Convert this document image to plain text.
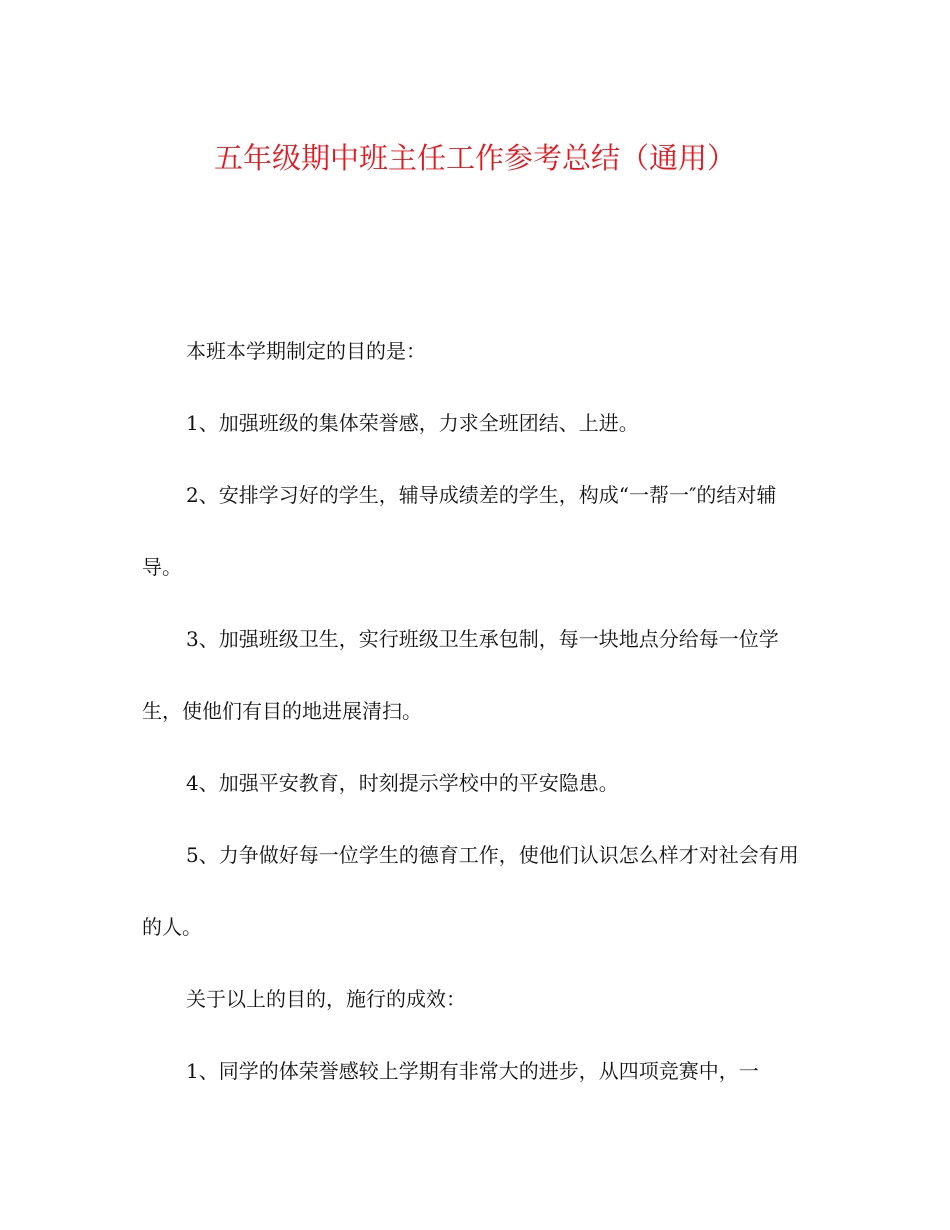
五年级期中班主任工作参考总结（通用）

本班本学期制定的目的是：

1、加强班级的集体荣誉感，力求全班团结、上进。

2、安排学习好的学生，辅导成绩差的学生，构成“一帮一″的结对辅导。

3、加强班级卫生，实行班级卫生承包制，每一块地点分给每一位学生，使他们有目的地进展清扫。

4、加强平安教育，时刻提示学校中的平安隐患。

5、力争做好每一位学生的德育工作，使他们认识怎么样才对社会有用的人。

关于以上的目的，施行的成效：

1、同学的体荣誉感较上学期有非常大的进步，从四项竞赛中，一
